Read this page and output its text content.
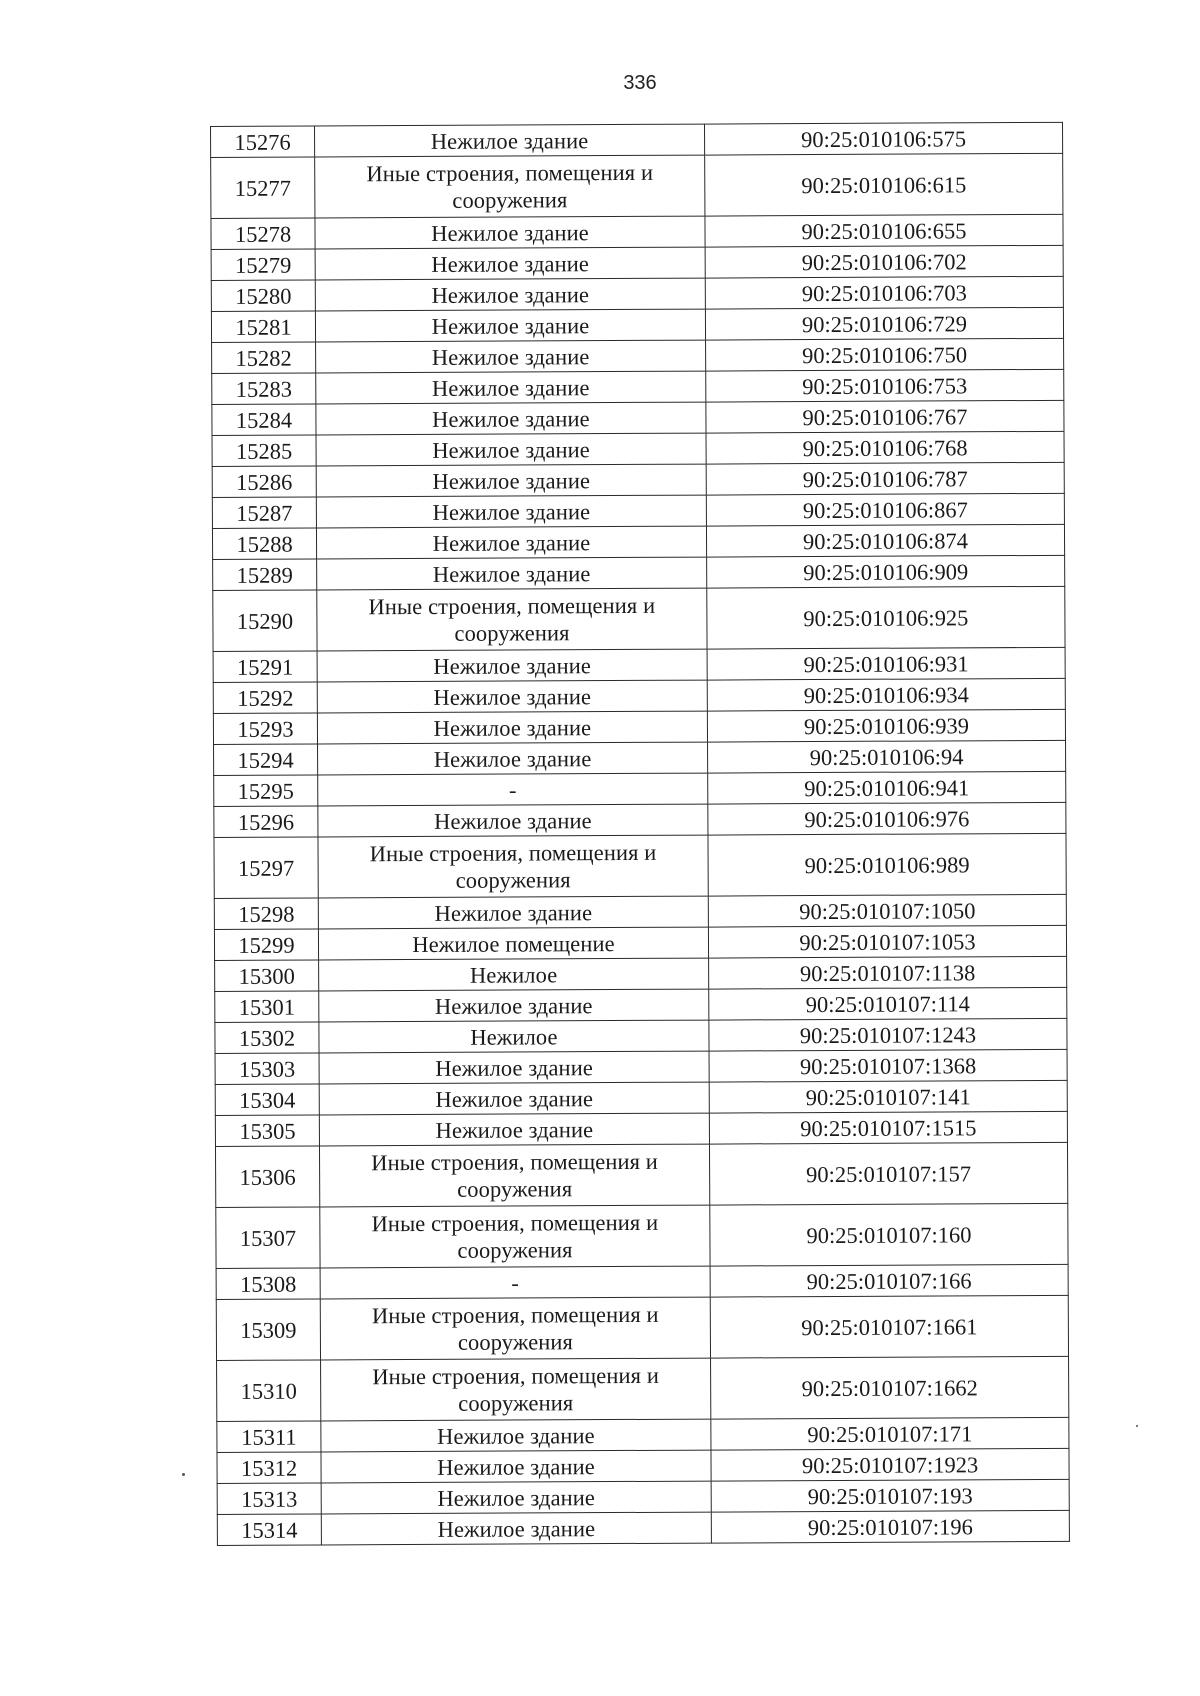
336
15276	Нежилое здание	90:25:010106:575
15277	Иные строения, помещения и сооружения	90:25:010106:615
15278	Нежилое здание	90:25:010106:655
15279	Нежилое здание	90:25:010106:702
15280	Нежилое здание	90:25:010106:703
15281	Нежилое здание	90:25:010106:729
15282	Нежилое здание	90:25:010106:750
15283	Нежилое здание	90:25:010106:753
15284	Нежилое здание	90:25:010106:767
15285	Нежилое здание	90:25:010106:768
15286	Нежилое здание	90:25:010106:787
15287	Нежилое здание	90:25:010106:867
15288	Нежилое здание	90:25:010106:874
15289	Нежилое здание	90:25:010106:909
15290	Иные строения, помещения и сооружения	90:25:010106:925
15291	Нежилое здание	90:25:010106:931
15292	Нежилое здание	90:25:010106:934
15293	Нежилое здание	90:25:010106:939
15294	Нежилое здание	90:25:010106:94
15295	-	90:25:010106:941
15296	Нежилое здание	90:25:010106:976
15297	Иные строения, помещения и сооружения	90:25:010106:989
15298	Нежилое здание	90:25:010107:1050
15299	Нежилое помещение	90:25:010107:1053
15300	Нежилое	90:25:010107:1138
15301	Нежилое здание	90:25:010107:114
15302	Нежилое	90:25:010107:1243
15303	Нежилое здание	90:25:010107:1368
15304	Нежилое здание	90:25:010107:141
15305	Нежилое здание	90:25:010107:1515
15306	Иные строения, помещения и сооружения	90:25:010107:157
15307	Иные строения, помещения и сооружения	90:25:010107:160
15308	-	90:25:010107:166
15309	Иные строения, помещения и сооружения	90:25:010107:1661
15310	Иные строения, помещения и сооружения	90:25:010107:1662
15311	Нежилое здание	90:25:010107:171
15312	Нежилое здание	90:25:010107:1923
15313	Нежилое здание	90:25:010107:193
15314	Нежилое здание	90:25:010107:196
